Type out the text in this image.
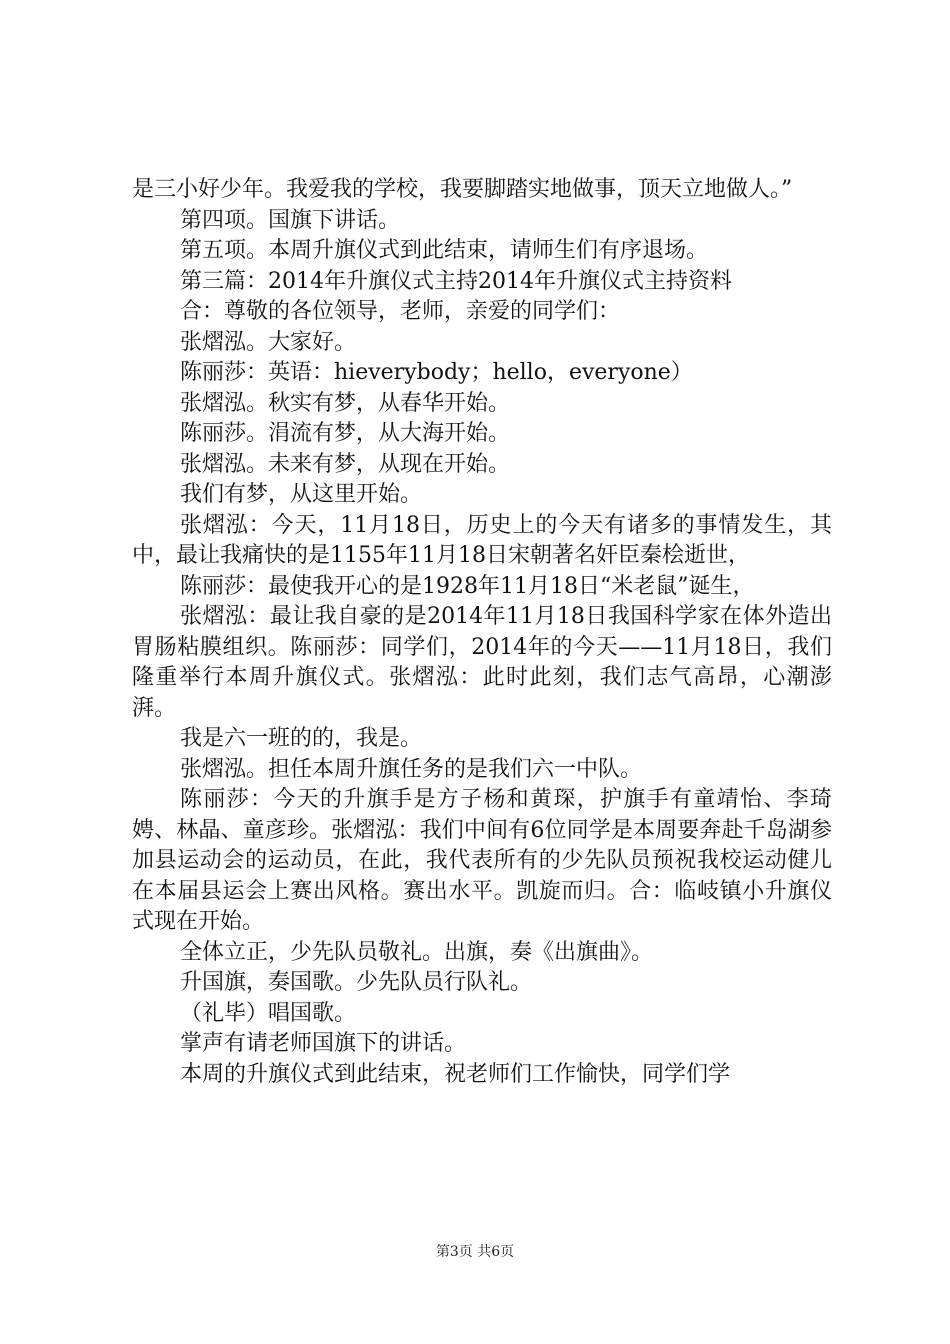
是三小好少年。我爱我的学校，我要脚踏实地做事，顶天立地做人。”

第四项。国旗下讲话。

第五项。本周升旗仪式到此结束，请师生们有序退场。

第三篇：2014年升旗仪式主持2014年升旗仪式主持资料

合：尊敬的各位领导，老师，亲爱的同学们：

张熠泓。大家好。

陈丽莎：英语：hieverybody；hello，everyone）

张熠泓。秋实有梦，从春华开始。

陈丽莎。涓流有梦，从大海开始。

张熠泓。未来有梦，从现在开始。

我们有梦，从这里开始。

张熠泓：今天，11月18日，历史上的今天有诸多的事情发生，其中，最让我痛快的是1155年11月18日宋朝著名奸臣秦桧逝世，

陈丽莎：最使我开心的是1928年11月18日“米老鼠”诞生，

张熠泓：最让我自豪的是2014年11月18日我国科学家在体外造出胃肠粘膜组织。陈丽莎：同学们，2014年的今天——11月18日，我们隆重举行本周升旗仪式。张熠泓：此时此刻，我们志气高昂，心潮澎湃。

我是六一班的的，我是。

张熠泓。担任本周升旗任务的是我们六一中队。

陈丽莎：今天的升旗手是方子杨和黄琛，护旗手有童靖怡、李琦娉、林晶、童彦珍。张熠泓：我们中间有6位同学是本周要奔赴千岛湖参加县运动会的运动员，在此，我代表所有的少先队员预祝我校运动健儿在本届县运会上赛出风格。赛出水平。凯旋而归。合：临岐镇小升旗仪式现在开始。

全体立正，少先队员敬礼。出旗，奏《出旗曲》。

升国旗，奏国歌。少先队员行队礼。

（礼毕）唱国歌。

掌声有请老师国旗下的讲话。

本周的升旗仪式到此结束，祝老师们工作愉快，同学们学

第3页 共6页
